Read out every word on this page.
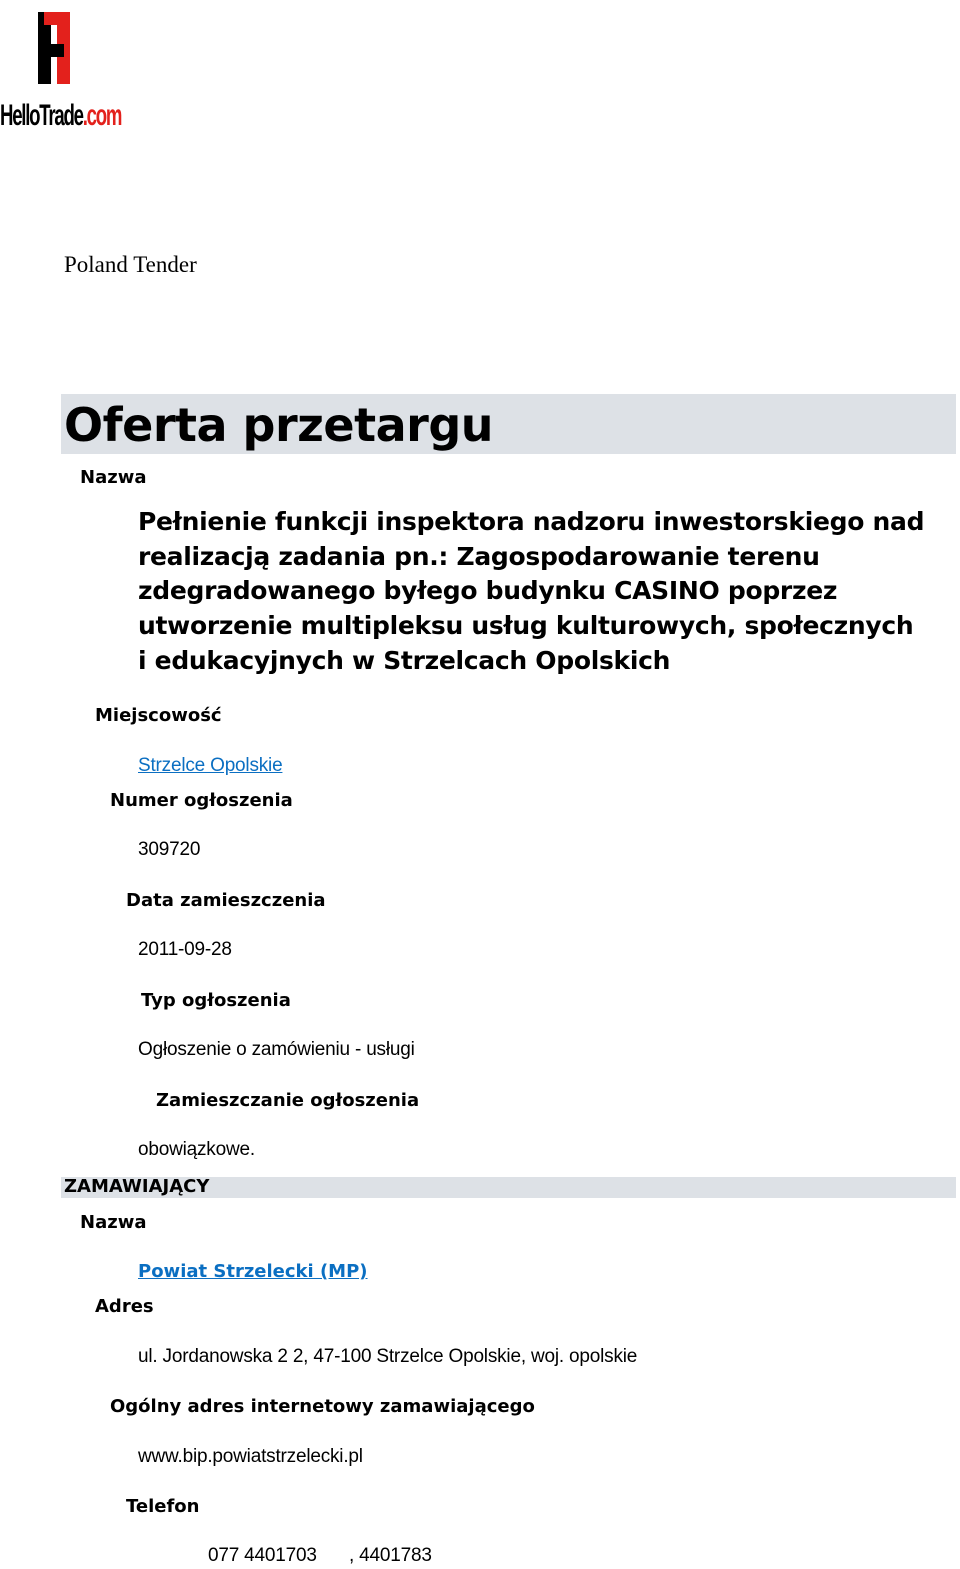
HelloTrade.com
Poland Tender
Oferta przetargu
Nazwa
Pełnienie funkcji inspektora nadzoru inwestorskiego nad realizacją zadania pn.: Zagospodarowanie terenu zdegradowanego byłego budynku CASINO poprzez utworzenie multipleksu usług kulturowych, społecznych i edukacyjnych w Strzelcach Opolskich
Miejscowość
Strzelce Opolskie
Numer ogłoszenia
309720
Data zamieszczenia
2011-09-28
Typ ogłoszenia
Ogłoszenie o zamówieniu - usługi
Zamieszczanie ogłoszenia
obowiązkowe.
ZAMAWIAJĄCY
Nazwa
Powiat Strzelecki (MP)
Adres
ul. Jordanowska 2 2, 47-100 Strzelce Opolskie, woj. opolskie
Ogólny adres internetowy zamawiającego
www.bip.powiatstrzelecki.pl
Telefon
077 4401703 , 4401783
